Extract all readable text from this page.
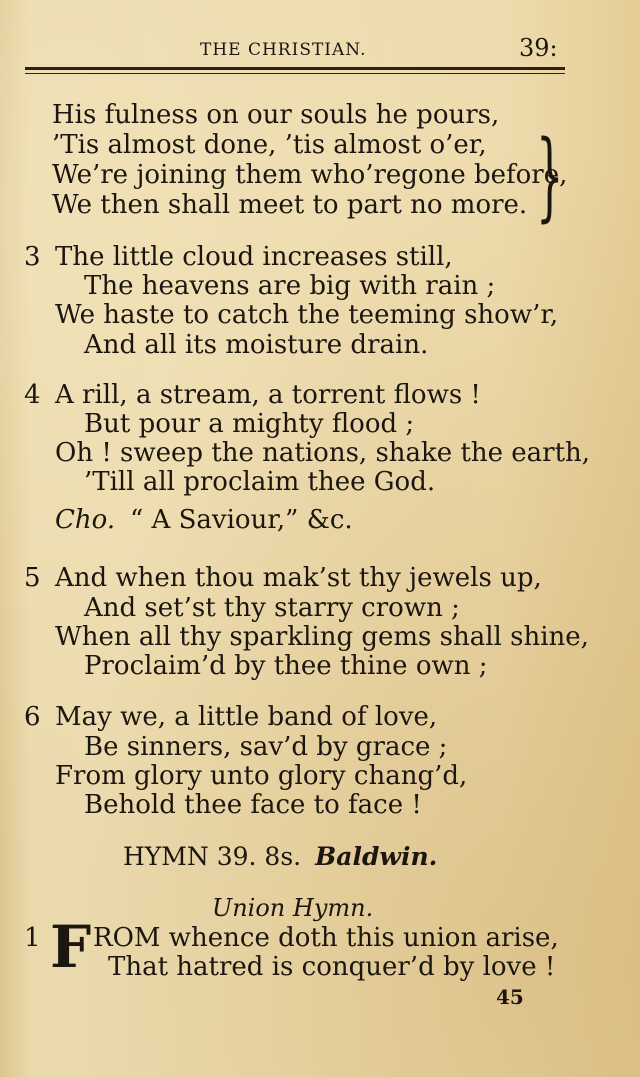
THE CHRISTIAN.	39:
His fulness on our souls he pours,
’Tis almost done, ’tis almost o’er,
We’re joining them who’regone before,
We then shall meet to part no more. }
3 The little cloud increases still,
The heavens are big with rain ;
We haste to catch the teeming show’r,
And all its moisture drain.
4 A rill, a stream, a torrent flows !
But pour a mighty flood ;
Oh ! sweep the nations, shake the earth,
’Till all proclaim thee God.
Cho. “ A Saviour,” &c.
5 And when thou mak’st thy jewels up,
And set’st thy starry crown ;
When all thy sparkling gems shall shine,
Proclaim’d by thee thine own ;
6 May we, a little band of love,
Be sinners, sav’d by grace ;
From glory unto glory chang’d,
Behold thee face to face !
HYMN 39. 8s. Baldwin.
Union Hymn.
1 F ROM whence doth this union arise,
That hatred is conquer’d by love !
45
